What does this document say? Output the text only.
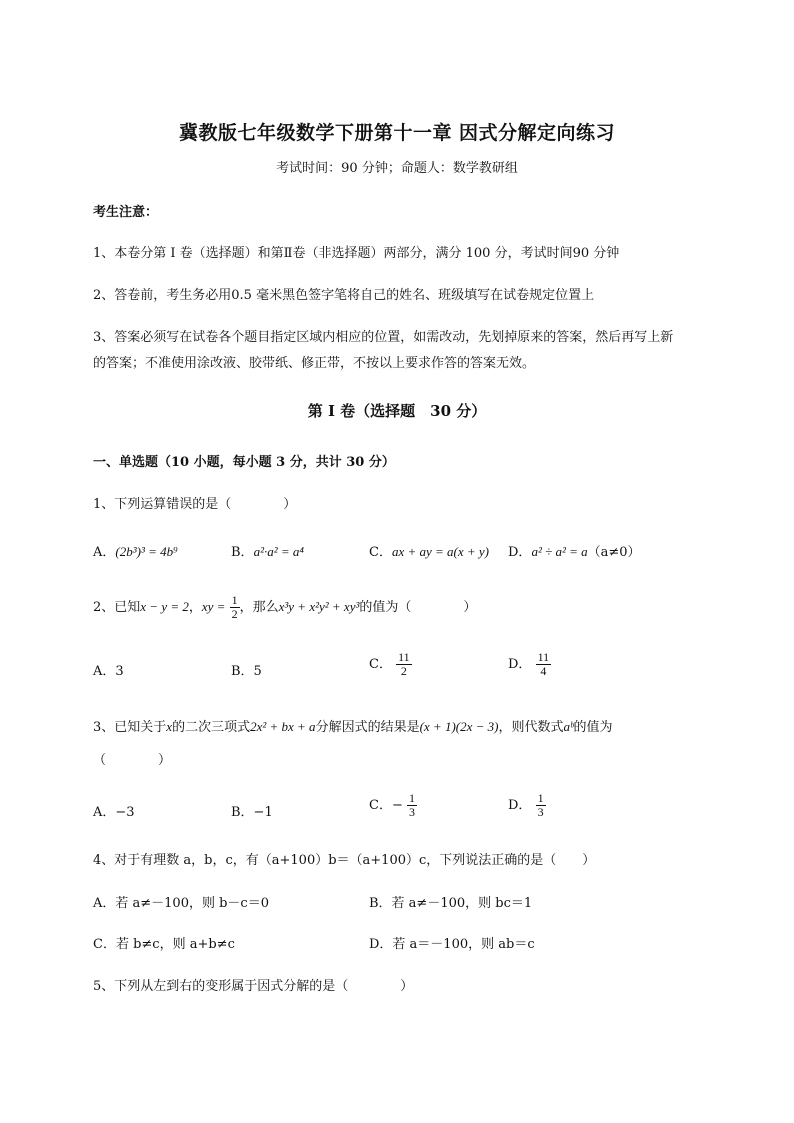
冀教版七年级数学下册第十一章 因式分解定向练习
考试时间：90 分钟；命题人：数学教研组
考生注意：
1、本卷分第 I 卷（选择题）和第Ⅱ卷（非选择题）两部分，满分 100 分，考试时间90 分钟
2、答卷前，考生务必用0.5 毫米黑色签字笔将自己的姓名、班级填写在试卷规定位置上
3、答案必须写在试卷各个题目指定区域内相应的位置，如需改动，先划掉原来的答案，然后再写上新
的答案；不准使用涂改液、胶带纸、修正带，不按以上要求作答的答案无效。
第 I 卷（选择题　30 分）
一、单选题（10 小题，每小题 3 分，共计 30 分）
1、下列运算错误的是（　　　　）
A．(2b³)³ = 4b⁹	B．a²·a² = a⁴	C．ax + ay = a(x + y) D．a² ÷ a² = a（a≠0）
2、已知x − y = 2，xy = $\frac{1}{2}$ ，那么x³y + x²y² + xy³的值为（　　　　）
A．3	B．5	C． $\frac{11}{2}$	D． $\frac{11}{4}$
3、已知关于x的二次三项式2x² + bx + a分解因式的结果是(x + 1)(2x − 3)，则代数式aᵇ的值为
（　　　　）
A．−3	B．−1	C．− $\frac{1}{3}$	D． $\frac{1}{3}$
4、对于有理数 a，b，c，有（a+100）b＝（a+100）c，下列说法正确的是（　　）
A．若 a≠－100，则 b－c＝0	B．若 a≠－100，则 bc＝1
C．若 b≠c，则 a+b≠c	D．若 a＝－100，则 ab＝c
5、下列从左到右的变形属于因式分解的是（　　　　）
